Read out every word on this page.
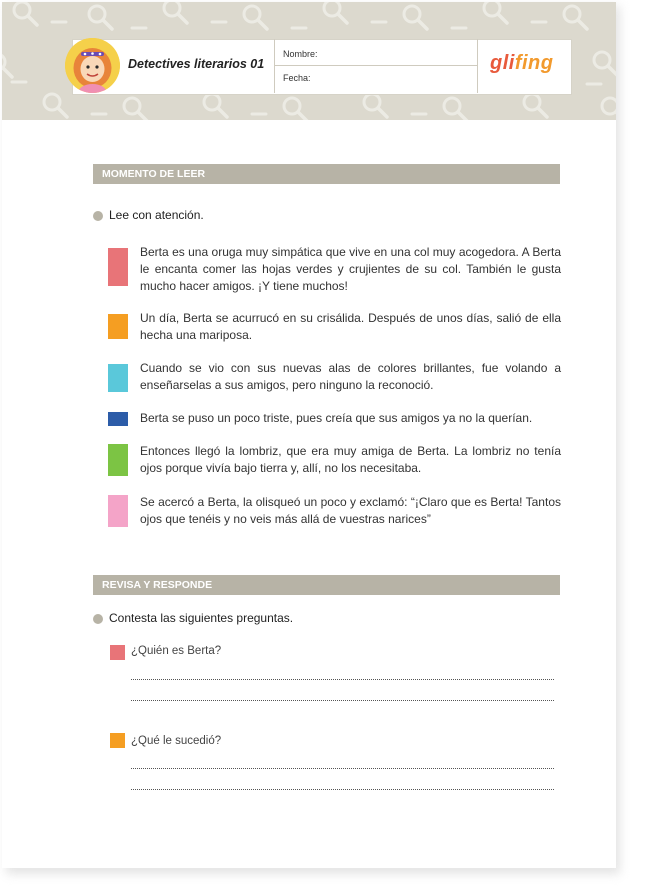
Detectives literarios 01
Nombre:
Fecha:
glifing
MOMENTO DE LEER
Lee con atención.
Berta es una oruga muy simpática que vive en una col muy acogedora. A Berta le encanta comer las hojas verdes y crujientes de su col. También le gusta mucho hacer amigos. ¡Y tiene muchos!
Un día, Berta se acurrucó en su crisálida. Después de unos días, salió de ella hecha una mariposa.
Cuando se vio con sus nuevas alas de colores brillantes, fue volando a enseñarselas a sus amigos, pero ninguno la reconoció.
Berta se puso un poco triste, pues creía que sus amigos ya no la querían.
Entonces llegó la lombriz, que era muy amiga de Berta. La lombriz no tenía ojos porque vivía bajo tierra y, allí, no los necesitaba.
Se acercó a Berta, la olisqueó un poco y exclamó: “¡Claro que es Berta! Tantos ojos que tenéis y no veis más allá de vuestras narices”
REVISA Y RESPONDE
Contesta las siguientes preguntas.
¿Quién es Berta?
¿Qué le sucedió?
